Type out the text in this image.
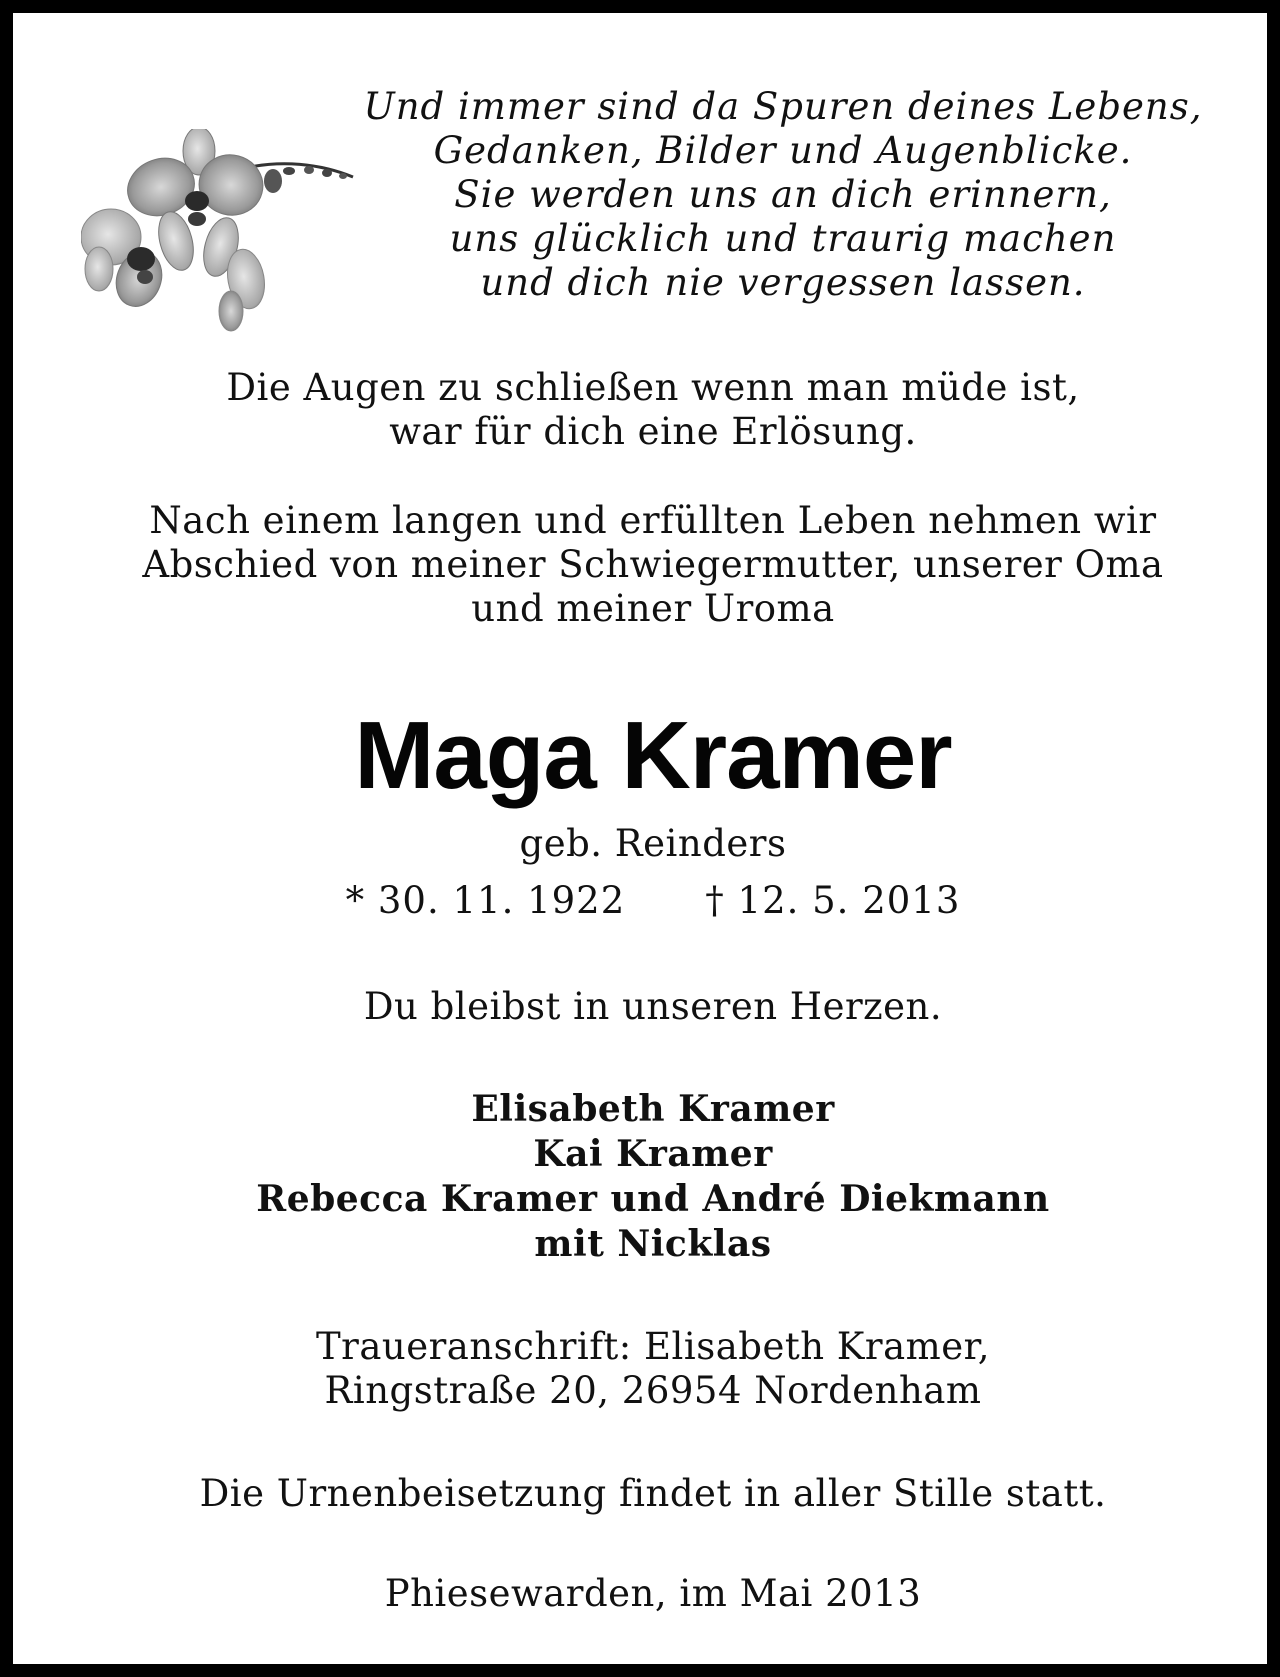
Und immer sind da Spuren deines Lebens,
Gedanken, Bilder und Augenblicke.
Sie werden uns an dich erinnern,
uns glücklich und traurig machen
und dich nie vergessen lassen.
Die Augen zu schließen wenn man müde ist,
war für dich eine Erlösung.
Nach einem langen und erfüllten Leben nehmen wir
Abschied von meiner Schwiegermutter, unserer Oma
und meiner Uroma
Maga Kramer
geb. Reinders
* 30. 11. 1922 † 12. 5. 2013
Du bleibst in unseren Herzen.
Elisabeth Kramer
Kai Kramer
Rebecca Kramer und André Diekmann
mit Nicklas
Traueranschrift: Elisabeth Kramer,
Ringstraße 20, 26954 Nordenham
Die Urnenbeisetzung findet in aller Stille statt.
Phiesewarden, im Mai 2013
